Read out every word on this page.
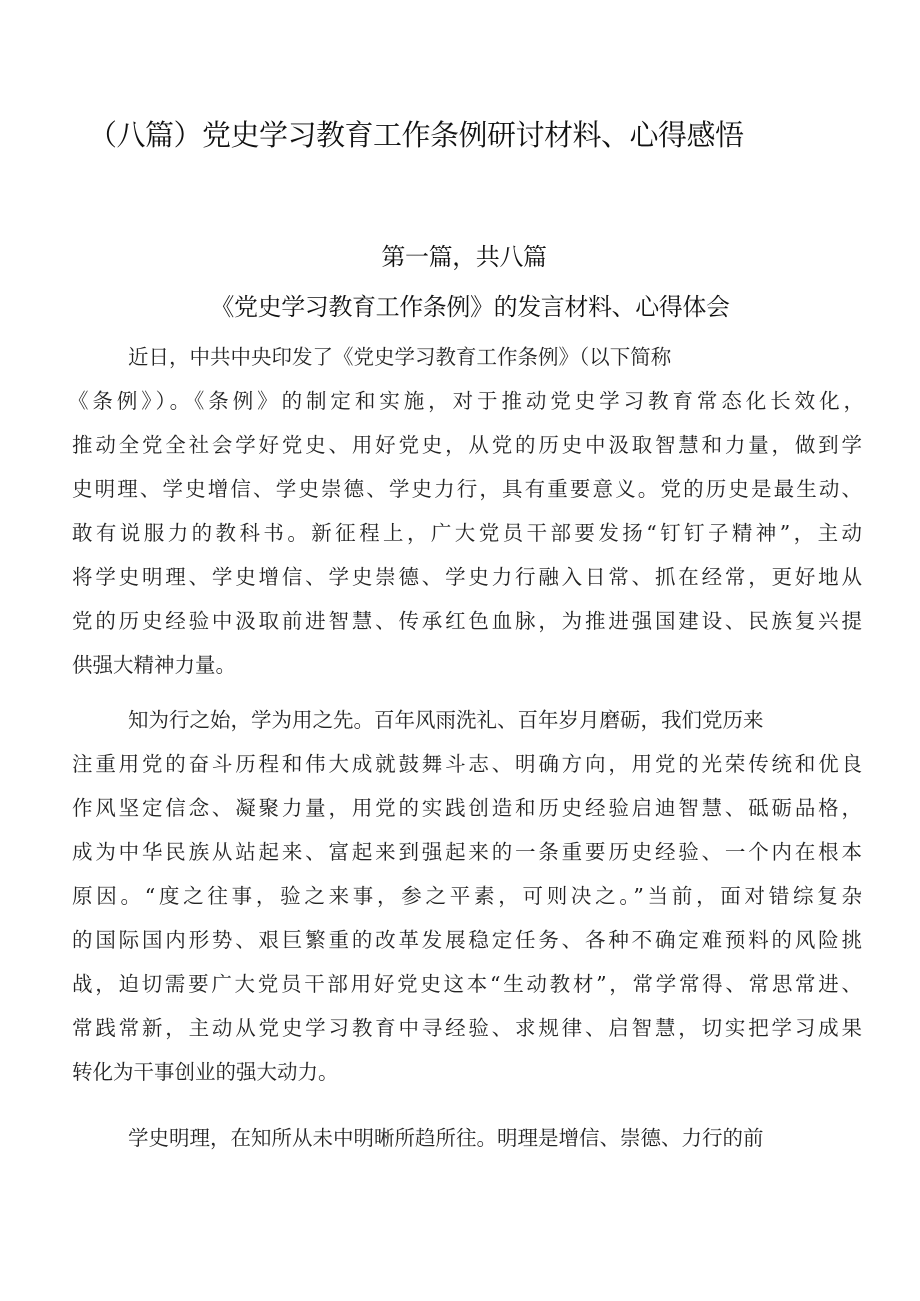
（八篇）党史学习教育工作条例研讨材料、心得感悟
第一篇，共八篇
《党史学习教育工作条例》的发言材料、心得体会
近日，中共中央印发了《党史学习教育工作条例》（以下简称
《条例》）。《条例》的制定和实施，对于推动党史学习教育常态化长效化，
推动全党全社会学好党史、用好党史，从党的历史中汲取智慧和力量，做到学
史明理、学史增信、学史崇德、学史力行，具有重要意义。党的历史是最生动、
敢有说服力的教科书。新征程上，广大党员干部要发扬“钉钉子精神”，主动
将学史明理、学史增信、学史崇德、学史力行融入日常、抓在经常，更好地从
党的历史经验中汲取前进智慧、传承红色血脉，为推进强国建设、民族复兴提
供强大精神力量。
知为行之始，学为用之先。百年风雨洗礼、百年岁月磨砺，我们党历来
注重用党的奋斗历程和伟大成就鼓舞斗志、明确方向，用党的光荣传统和优良
作风坚定信念、凝聚力量，用党的实践创造和历史经验启迪智慧、砥砺品格，
成为中华民族从站起来、富起来到强起来的一条重要历史经验、一个内在根本
原因。“度之往事，验之来事，参之平素，可则决之。”当前，面对错综复杂
的国际国内形势、艰巨繁重的改革发展稳定任务、各种不确定难预料的风险挑
战，迫切需要广大党员干部用好党史这本“生动教材”，常学常得、常思常进、
常践常新，主动从党史学习教育中寻经验、求规律、启智慧，切实把学习成果
转化为干事创业的强大动力。
学史明理，在知所从未中明晰所趋所往。明理是增信、崇德、力行的前
